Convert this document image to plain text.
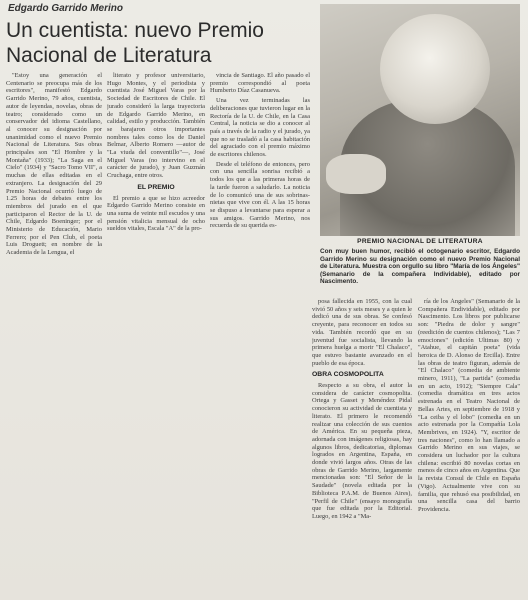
Edgardo Garrido Merino
Un cuentista: nuevo Premio Nacional de Literatura

"Estoy una generación el Centenario se preocupa más de los escritores", manifestó Edgardo Garrido Merino, 79 años, cuentista, autor de leyendas, novelas, obras de teatro; considerado como un conservador del idioma Castellano, al conocer su designación por unanimidad como el nuevo Premio Nacional de Literatura. Sus obras principales son "El Hombre y la Montaña" (1933); "La Saga en el Cielo" (1934) y "Sacro Tomo VII", a muchas de ellas editadas en el extranjero. La designación del 29 Premio Nacional ocurrió luego de 1.25 horas de debates entre los miembros del jurado en el que participaron el Rector de la U. de Chile, Edgardo Boeninger; por el Ministerio de Educación, Mario Ferrero; por el Pen Club, el poeta Luis Droguett; en nombre de la Academia de la Lengua, el

literato y profesor universitario, Hugo Montes, y el periodista y cuentista José Miguel Varas por la Sociedad de Escritores de Chile. El jurado consideró la larga trayectoria de Edgardo Garrido Merino, en calidad, estilo y producción. También se barajaron otros importantes nombres tales como los de Daniel Belmar, Alberto Romero —autor de "La viuda del conventillo"—, José Miguel Varas (no intervino en el carácter de jurado), y Juan Guzmán Cruchaga, entre otros.

EL PREMIO

El premio a que se hizo acreedor Edgardo Garrido Merino consiste en una suma de veinte mil escudos y una pensión vitalicia mensual de ocho sueldos vitales, Escala "A" de la pro-

vincia de Santiago. El año pasado el premio correspondió al poeta Humberto Díaz Casanueva.

Una vez terminadas las deliberaciones que tuvieron lugar en la Rectoría de la U. de Chile, en la Casa Central, la noticia se dio a conocer al país a través de la radio y el jurado, ya que no se trasladó a la casa habitación del agraciado con el premio máximo de escritores chilenos.

Desde el teléfono de entonces, pero con una sencilla sonrisa recibió a todos los que a las primeras horas de la tarde fueron a saludarlo. La noticia de lo comunicó una de sus sobrinas-nietas que vive con él. A las 15 horas se dispuso a levantarse para esperar a sus amigos. Garrido Merino, nos recuerda de su querida es-

PREMIO NACIONAL DE LITERATURA
Con muy buen humor, recibió el octogenario escritor, Edgardo Garrido Merino su designación como el nuevo Premio Nacional de Literatura. Muestra con orgullo su libro "María de los Ángeles" (Semanario de la compañera Individable), editado por Nascimento.

posa fallecida en 1955, con la cual vivió 50 años y seis meses y a quien le dedicó una de sus obras. Se confesó creyente, para reconocer en todos su vida. También recordó que en su juventud fue socialista, llevando la primera huelga a morir "El Chalaco", que estuvo bastante avanzado en el pueblo de esa época.

OBRA COSMOPOLITA

Respecto a su obra, el autor la considera de carácter cosmopolita. Ortega y Gasset y Menéndez Pidal conocieron su actividad de cuentista y literato. El primero le recomendó realizar una colección de sus cuentos de América. En su pequeña pieza, adornada con imágenes religiosas, hay algunos libros, dedicatorias, diplomas logrados en Argentina, España, en donde vivió largos años. Otras de las obras de Garrido Merino, largamente mencionadas son: "El Señor de la Saudade" (novela editada por la Biblioteca P.A.M. de Buenos Aires), "Perfil de Chile" (ensayo monografía que fue editada por la Editorial. Luego, en 1942 a "Ma-

ría de los Ángeles" (Semanario de la Compañera Endividable), editado por Nascimento. Los libros por publicarse son: "Piedra de dolor y sangre" (reedición de cuentos chilenos); "Las 7 emociones" (edición Ultimas 80) y "Atahue, el capitán poeta" (vida heroica de D. Alonso de Ercilla). Entre las obras de teatro figuran, además de "El Chalaco" (comedia de ambiente minero, 1911), "La partida" (comedia en un acto, 1912); "Siempre Cala" (comedia dramática en tres actos estrenada en el Teatro Nacional de Bellas Artes, en septiembre de 1918 y "La ceiba y el lobo" (comedia en un acto estrenada por la Compañía Lola Membrives, en 1924). "Y, escritor de tres naciones", como lo han llamado a Garrido Merino en sus viajes, se considera un luchador por la cultura chilena: escribió 80 novelas cortas en menos de cinco años en Argentina. Que la revista Consul de Chile en España (Vigo). Actualmente vive con su familia, que rehusó esa posibilidad, en una sencilla casa del barrio Providencia.
